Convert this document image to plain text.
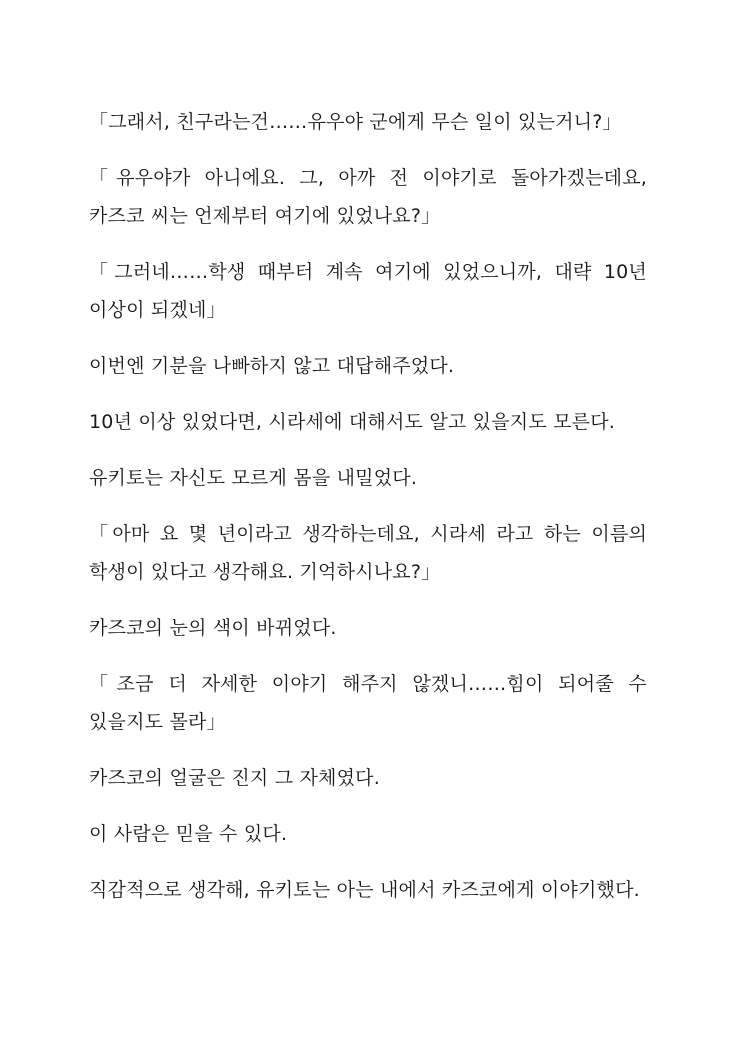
「그래서, 친구라는건……유우야 군에게 무슨 일이 있는거니?」

「유우야가 아니에요. 그, 아까 전 이야기로 돌아가겠는데요, 카즈코 씨는 언제부터 여기에 있었나요?」

「그러네……학생 때부터 계속 여기에 있었으니까, 대략 10년 이상이 되겠네」

이번엔 기분을 나빠하지 않고 대답해주었다.

10년 이상 있었다면, 시라세에 대해서도 알고 있을지도 모른다.

유키토는 자신도 모르게 몸을 내밀었다.

「아마 요 몇 년이라고 생각하는데요, 시라세 라고 하는 이름의 학생이 있다고 생각해요. 기억하시나요?」

카즈코의 눈의 색이 바뀌었다.

「조금 더 자세한 이야기 해주지 않겠니……힘이 되어줄 수 있을지도 몰라」

카즈코의 얼굴은 진지 그 자체였다.

이 사람은 믿을 수 있다.

직감적으로 생각해, 유키토는 아는 내에서 카즈코에게 이야기했다.
